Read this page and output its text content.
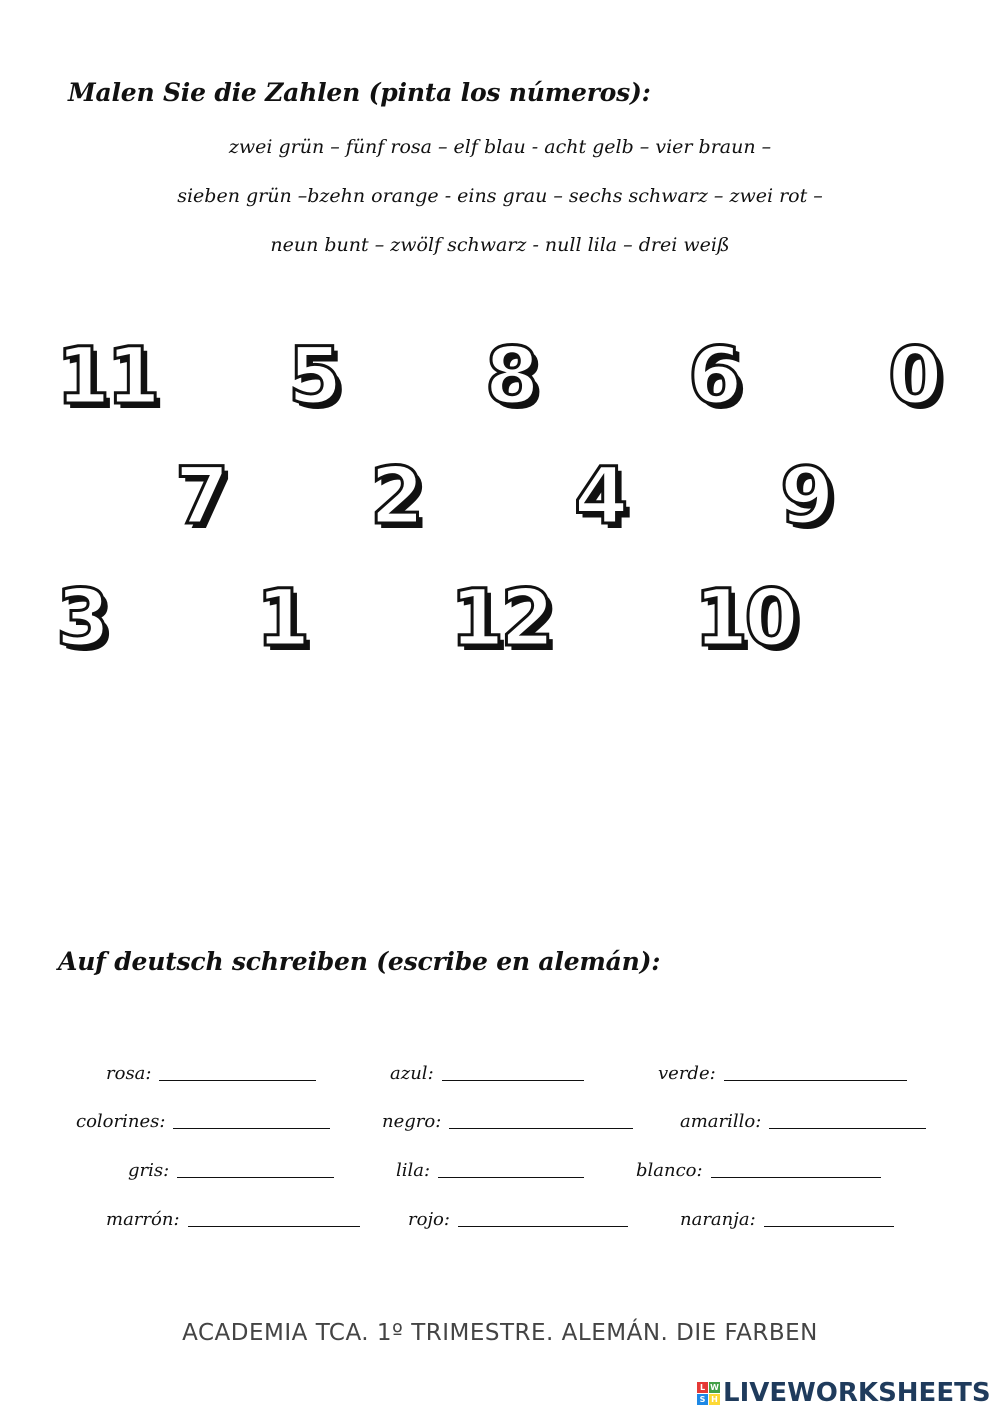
Malen Sie die Zahlen (pinta los números):
zwei grün – fünf rosa – elf blau - acht gelb – vier braun –
sieben grün –bzehn orange - eins grau – sechs schwarz – zwei rot –
neun bunt – zwölf schwarz - null lila – drei weiß
11 5 8 6 0
7 2 4 9
3 1 12 10
Auf deutsch schreiben (escribe en alemán):
rosa:	azul:	verde:
colorines:	negro:	amarillo:
gris:	lila:	blanco:
marrón:	rojo:	naranja:
ACADEMIA TCA. 1º TRIMESTRE. ALEMÁN. DIE FARBEN
L W
S H LIVEWORKSHEETS
